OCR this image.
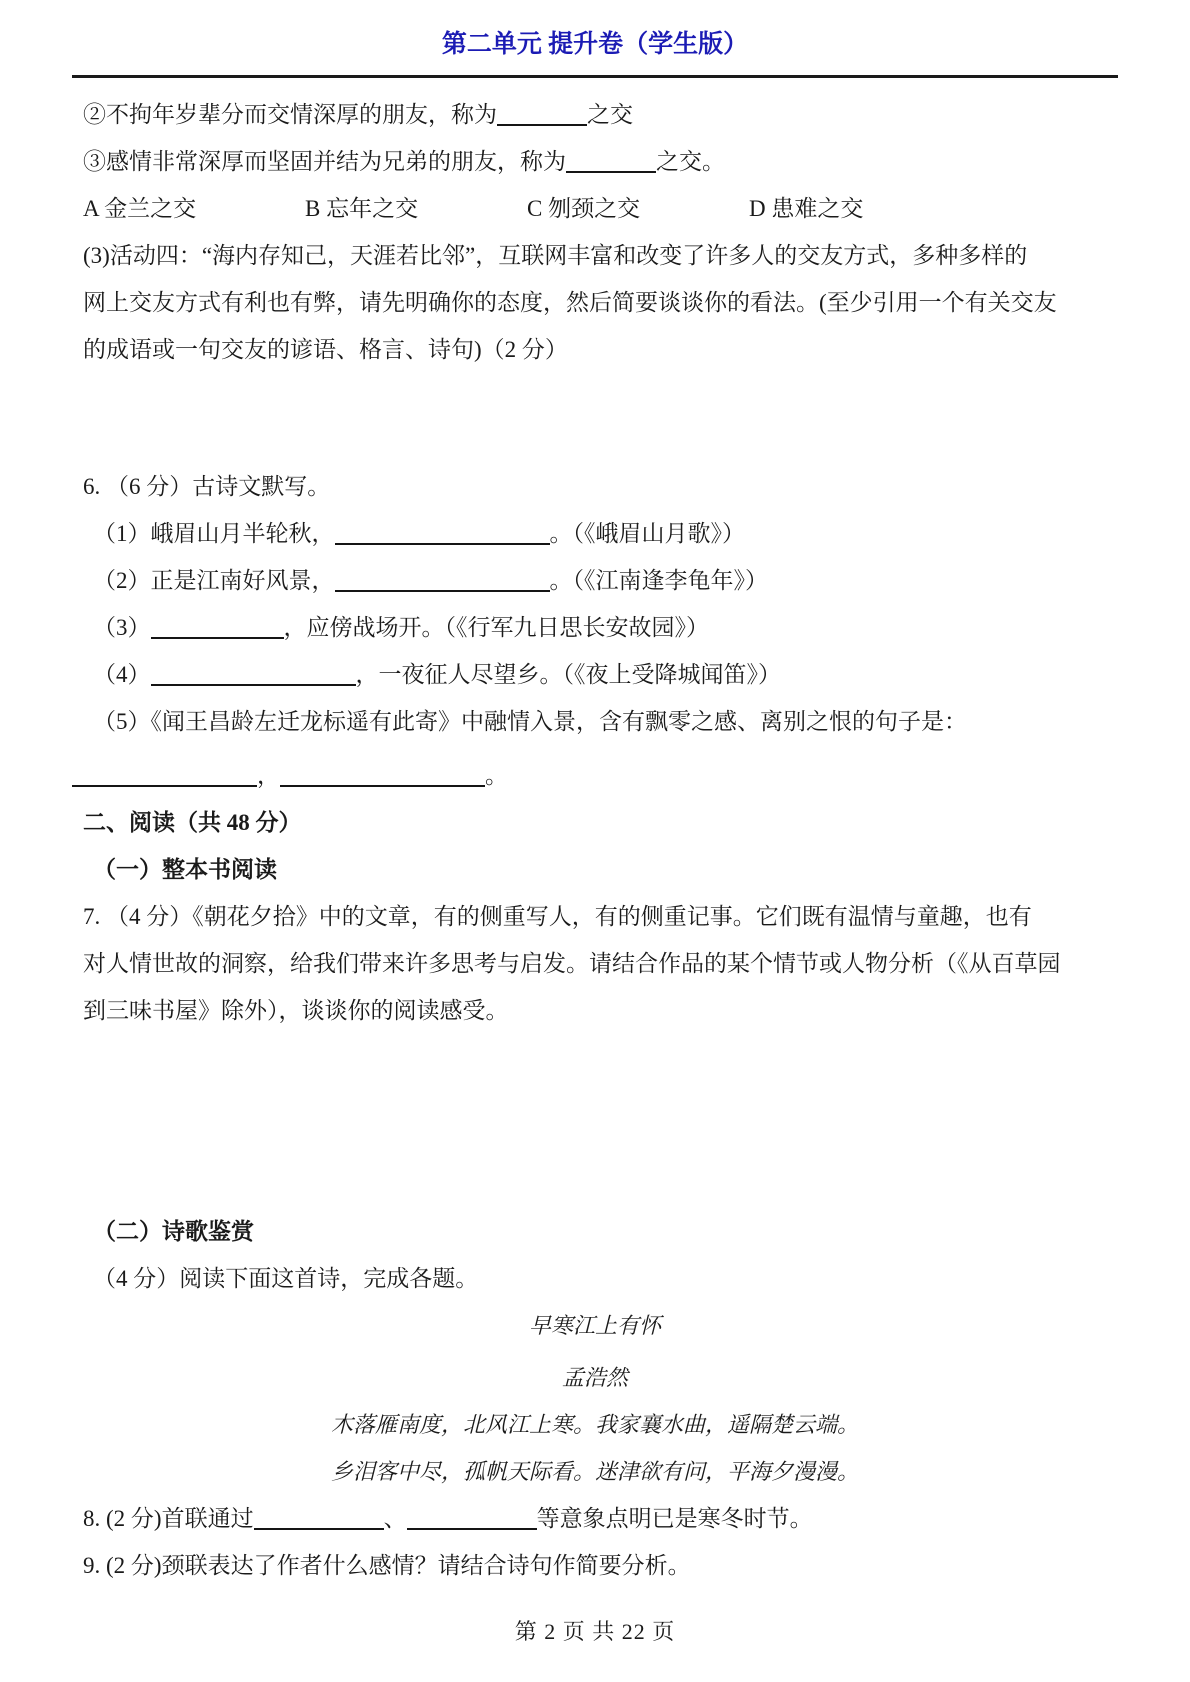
第二单元 提升卷（学生版）

②不拘年岁辈分而交情深厚的朋友，称为	之交

③感情非常深厚而坚固并结为兄弟的朋友，称为	之交。

A 金兰之交	B 忘年之交	C 刎颈之交	D 患难之交

(3)活动四：“海内存知己，天涯若比邻”，互联网丰富和改变了许多人的交友方式，多种多样的

网上交友方式有利也有弊，请先明确你的态度，然后简要谈谈你的看法。(至少引用一个有关交友

的成语或一句交友的谚语、格言、诗句)（2 分）

6. （6 分）古诗文默写。

（1）峨眉山月半轮秋，	。（《峨眉山月歌》）

（2）正是江南好风景，	。（《江南逢李龟年》）

（3）	，应傍战场开。（《行军九日思长安故园》）

（4）	，一夜征人尽望乡。（《夜上受降城闻笛》）

（5）《闻王昌龄左迁龙标遥有此寄》中融情入景，含有飘零之感、离别之恨的句子是：

，	。

二、阅读（共 48 分）

（一）整本书阅读

7. （4 分）《朝花夕拾》中的文章，有的侧重写人，有的侧重记事。它们既有温情与童趣，也有

对人情世故的洞察，给我们带来许多思考与启发。请结合作品的某个情节或人物分析（《从百草园

到三味书屋》除外），谈谈你的阅读感受。

（二）诗歌鉴赏

（4 分）阅读下面这首诗，完成各题。

早寒江上有怀

孟浩然

木落雁南度，北风江上寒。我家襄水曲，遥隔楚云端。

乡泪客中尽，孤帆天际看。迷津欲有问，平海夕漫漫。

8. (2 分)首联通过	、	等意象点明已是寒冬时节。

9. (2 分)颈联表达了作者什么感情？请结合诗句作简要分析。

第 2 页 共 22 页
